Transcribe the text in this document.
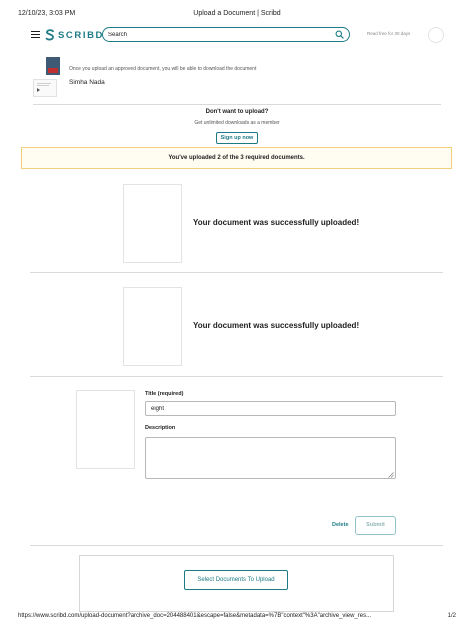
12/10/23, 3:03 PM	Upload a Document | Scribd
SCRIBD
Search	Read free for 30 days
Once you upload an approved document, you will be able to download the document
Simha Nada
Don't want to upload?
Get unlimited downloads as a member
Sign up now
You've uploaded 2 of the 3 required documents.
Your document was successfully uploaded!
Your document was successfully uploaded!
Title (required)
eight
Description
Delete	Submit
Select Documents To Upload
https://www.scribd.com/upload-document?archive_doc=204488401&escape=false&metadata=%7B"context"%3A"archive_view_res...	1/2
